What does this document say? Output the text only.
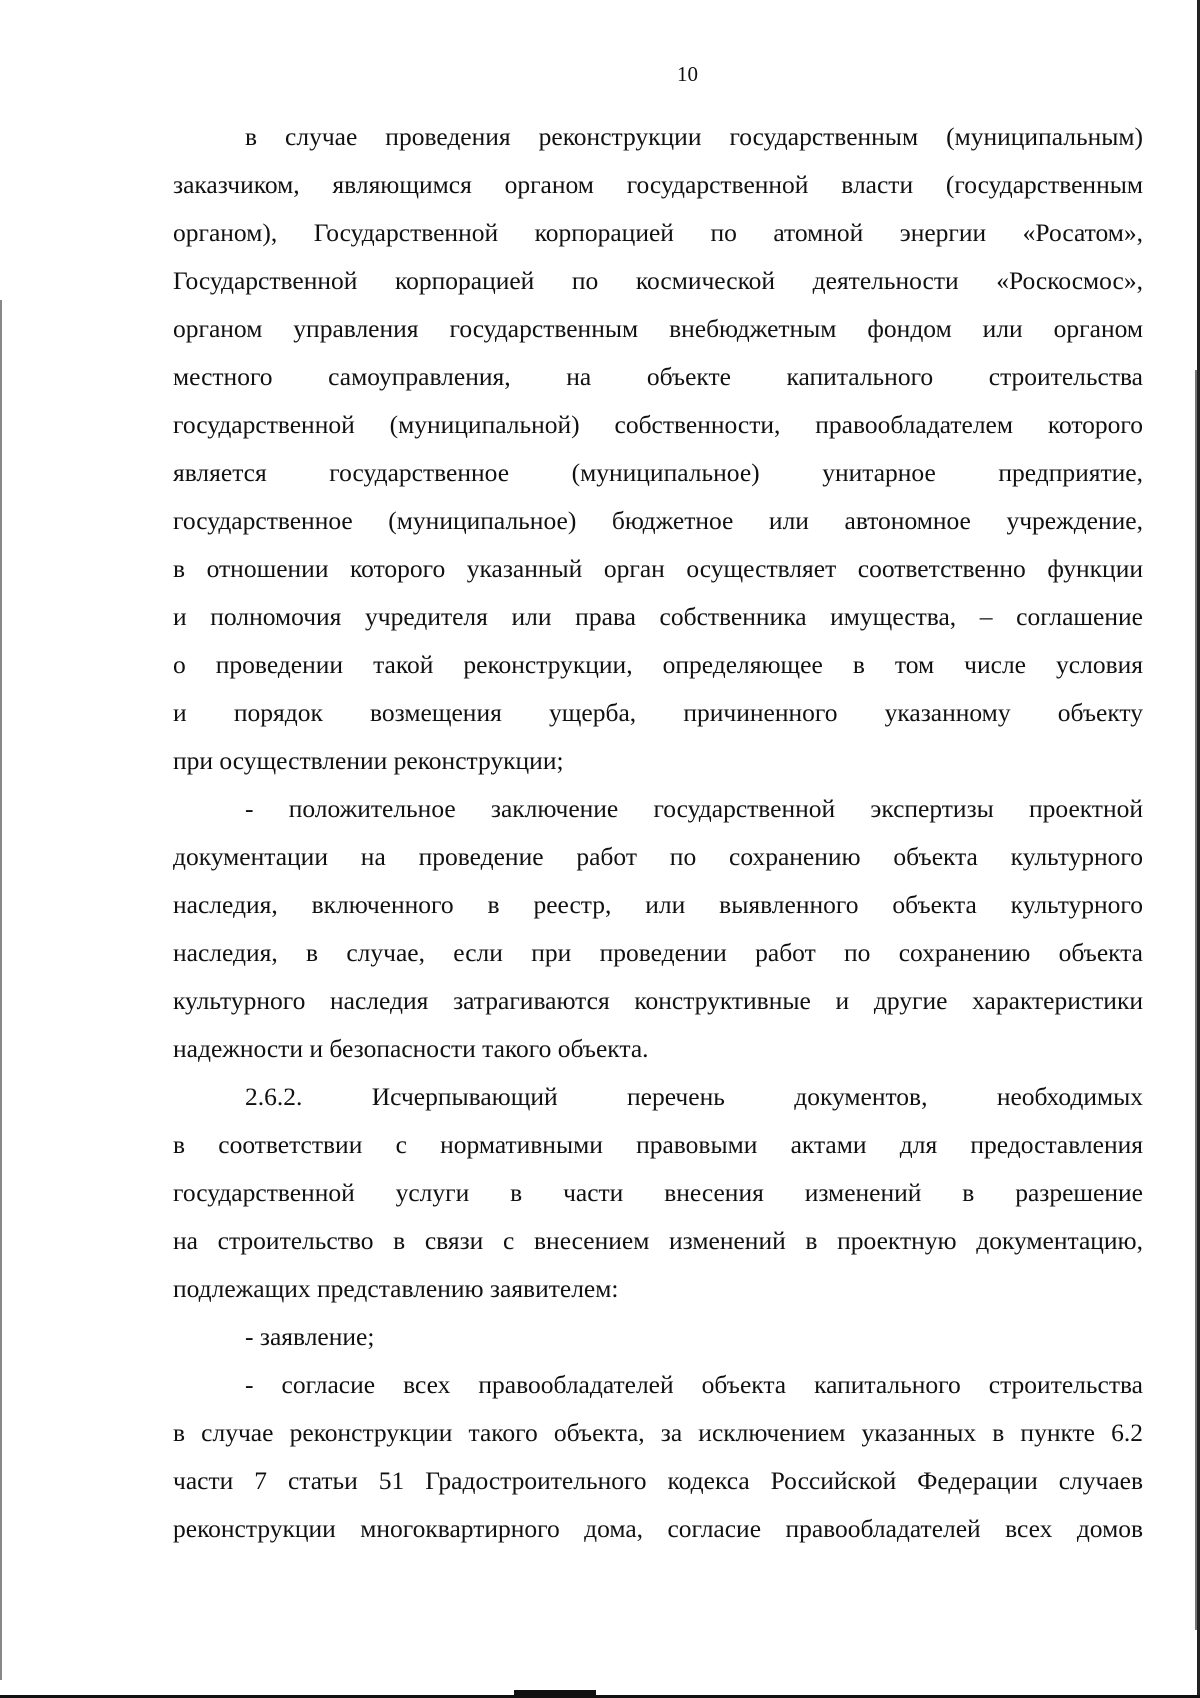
10
в случае проведения реконструкции государственным (муниципальным)
заказчиком, являющимся органом государственной власти (государственным
органом), Государственной корпорацией по атомной энергии «Росатом»,
Государственной корпорацией по космической деятельности «Роскосмос»,
органом управления государственным внебюджетным фондом или органом
местного самоуправления, на объекте капитального строительства
государственной (муниципальной) собственности, правообладателем которого
является государственное (муниципальное) унитарное предприятие,
государственное (муниципальное) бюджетное или автономное учреждение,
в отношении которого указанный орган осуществляет соответственно функции
и полномочия учредителя или права собственника имущества, – соглашение
о проведении такой реконструкции, определяющее в том числе условия
и порядок возмещения ущерба, причиненного указанному объекту
при осуществлении реконструкции;
- положительное заключение государственной экспертизы проектной
документации на проведение работ по сохранению объекта культурного
наследия, включенного в реестр, или выявленного объекта культурного
наследия, в случае, если при проведении работ по сохранению объекта
культурного наследия затрагиваются конструктивные и другие характеристики
надежности и безопасности такого объекта.
2.6.2. Исчерпывающий перечень документов, необходимых
в соответствии с нормативными правовыми актами для предоставления
государственной услуги в части внесения изменений в разрешение
на строительство в связи с внесением изменений в проектную документацию,
подлежащих представлению заявителем:
- заявление;
- согласие всех правообладателей объекта капитального строительства
в случае реконструкции такого объекта, за исключением указанных в пункте 6.2
части 7 статьи 51 Градостроительного кодекса Российской Федерации случаев
реконструкции многоквартирного дома, согласие правообладателей всех домов
